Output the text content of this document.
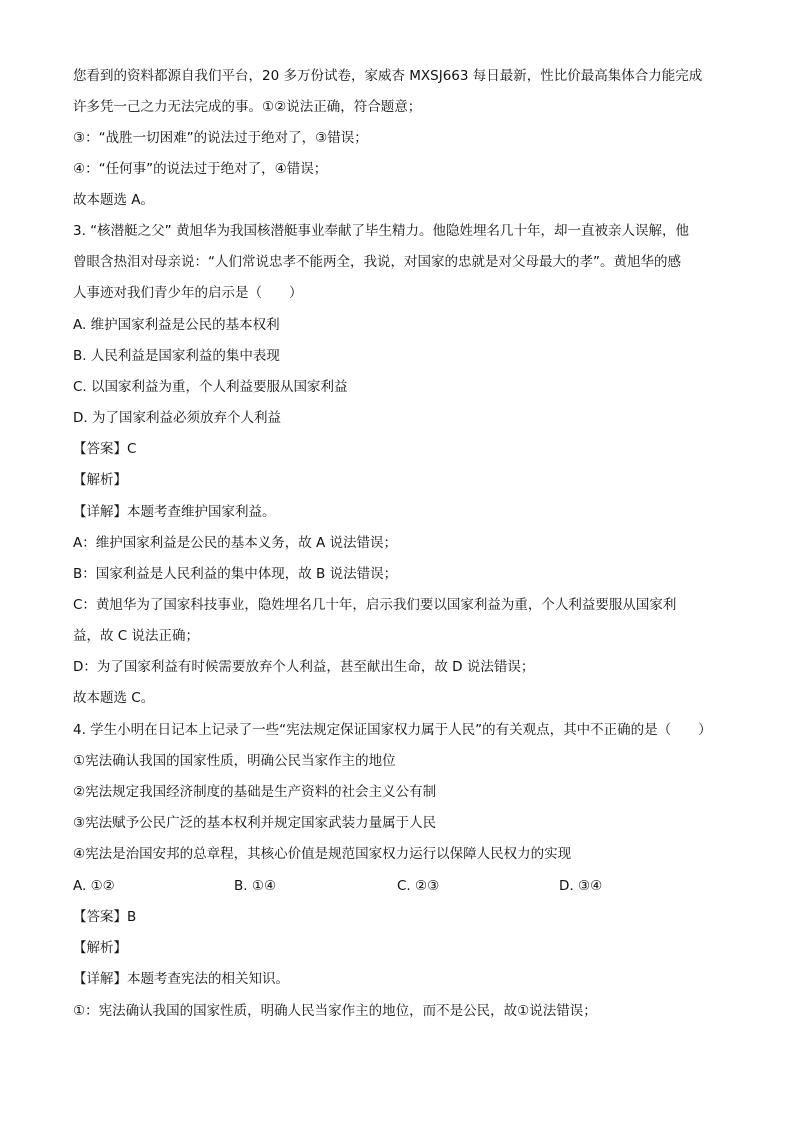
您看到的资料都源自我们平台，20 多万份试卷，家威杏 MXSJ663 每日最新，性比价最高集体合力能完成
许多凭一己之力无法完成的事。①②说法正确，符合题意；
③：“战胜一切困难”的说法过于绝对了，③错误；
④：“任何事”的说法过于绝对了，④错误；
故本题选 A。
3. “核潜艇之父” 黄旭华为我国核潜艇事业奉献了毕生精力。他隐姓埋名几十年，却一直被亲人误解，他
曾眼含热泪对母亲说：“人们常说忠孝不能两全，我说，对国家的忠就是对父母最大的孝”。黄旭华的感
人事迹对我们青少年的启示是（　　）
A. 维护国家利益是公民的基本权利
B. 人民利益是国家利益的集中表现
C. 以国家利益为重，个人利益要服从国家利益
D. 为了国家利益必须放弃个人利益
【答案】C
【解析】
【详解】本题考查维护国家利益。
A：维护国家利益是公民的基本义务，故 A 说法错误；
B：国家利益是人民利益的集中体现，故 B 说法错误；
C：黄旭华为了国家科技事业，隐姓埋名几十年，启示我们要以国家利益为重，个人利益要服从国家利
益，故 C 说法正确；
D：为了国家利益有时候需要放弃个人利益，甚至献出生命，故 D 说法错误；
故本题选 C。
4. 学生小明在日记本上记录了一些“宪法规定保证国家权力属于人民”的有关观点，其中不正确的是（　　）
①宪法确认我国的国家性质，明确公民当家作主的地位
②宪法规定我国经济制度的基础是生产资料的社会主义公有制
③宪法赋予公民广泛的基本权利并规定国家武装力量属于人民
④宪法是治国安邦的总章程，其核心价值是规范国家权力运行以保障人民权力的实现
A. ①②	B. ①④	C. ②③	D. ③④
【答案】B
【解析】
【详解】本题考查宪法的相关知识。
①：宪法确认我国的国家性质，明确人民当家作主的地位，而不是公民，故①说法错误；
